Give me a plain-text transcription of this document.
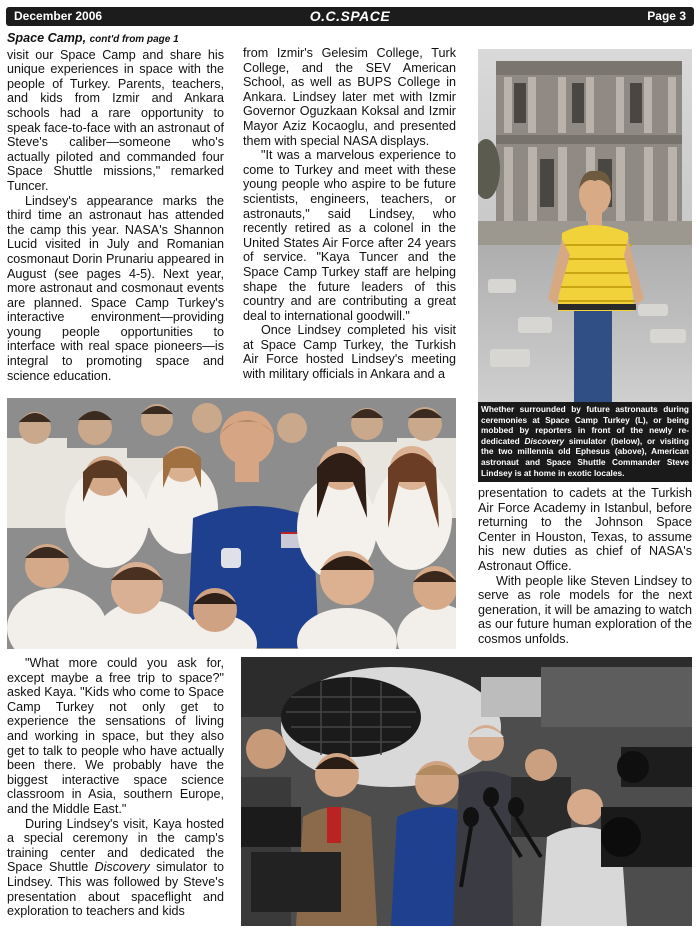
December 2006	O.C.SPACE	Page 3
Space Camp, cont'd from page 1

visit our Space Camp and share his unique experiences in space with the people of Turkey. Parents, teachers, and kids from Izmir and Ankara schools had a rare opportunity to speak face-to-face with an astronaut of Steve's caliber—someone who's actually piloted and commanded four Space Shuttle missions," remarked Tuncer.

Lindsey's appearance marks the third time an astronaut has attended the camp this year. NASA's Shannon Lucid visited in July and Romanian cosmonaut Dorin Prunariu appeared in August (see pages 4-5). Next year, more astronaut and cosmonaut events are planned. Space Camp Turkey's interactive environment—providing young people opportunities to interface with real space pioneers—is integral to promoting space and science education.

from Izmir's Gelesim College, Turk College, and the SEV American School, as well as BUPS College in Ankara. Lindsey later met with Izmir Governor Oguzkaan Koksal and Izmir Mayor Aziz Kocaoglu, and presented them with special NASA displays.

"It was a marvelous experience to come to Turkey and meet with these young people who aspire to be future scientists, engineers, teachers, or astronauts," said Lindsey, who recently retired as a colonel in the United States Air Force after 24 years of service. "Kaya Tuncer and the Space Camp Turkey staff are helping shape the future leaders of this country and are contributing a great deal to international goodwill."

Once Lindsey completed his visit at Space Camp Turkey, the Turkish Air Force hosted Lindsey's meeting with military officials in Ankara and a

Whether surrounded by future astronauts during ceremonies at Space Camp Turkey (L), or being mobbed by reporters in front of the newly re-dedicated Discovery simulator (below), or visiting the two millennia old Ephesus (above), American astronaut and Space Shuttle Commander Steve Lindsey is at home in exotic locales.

presentation to cadets at the Turkish Air Force Academy in Istanbul, before returning to the Johnson Space Center in Houston, Texas, to assume his new duties as chief of NASA's Astronaut Office.

With people like Steven Lindsey to serve as role models for the next generation, it will be amazing to watch as our future human exploration of the cosmos unfolds.

"What more could you ask for, except maybe a free trip to space?" asked Kaya. "Kids who come to Space Camp Turkey not only get to experience the sensations of living and working in space, but they also get to talk to people who have actually been there. We probably have the biggest interactive space science classroom in Asia, southern Europe, and the Middle East."

During Lindsey's visit, Kaya hosted a special ceremony in the camp's training center and dedicated the Space Shuttle Discovery simulator to Lindsey. This was followed by Steve's presentation about spaceflight and exploration to teachers and kids
